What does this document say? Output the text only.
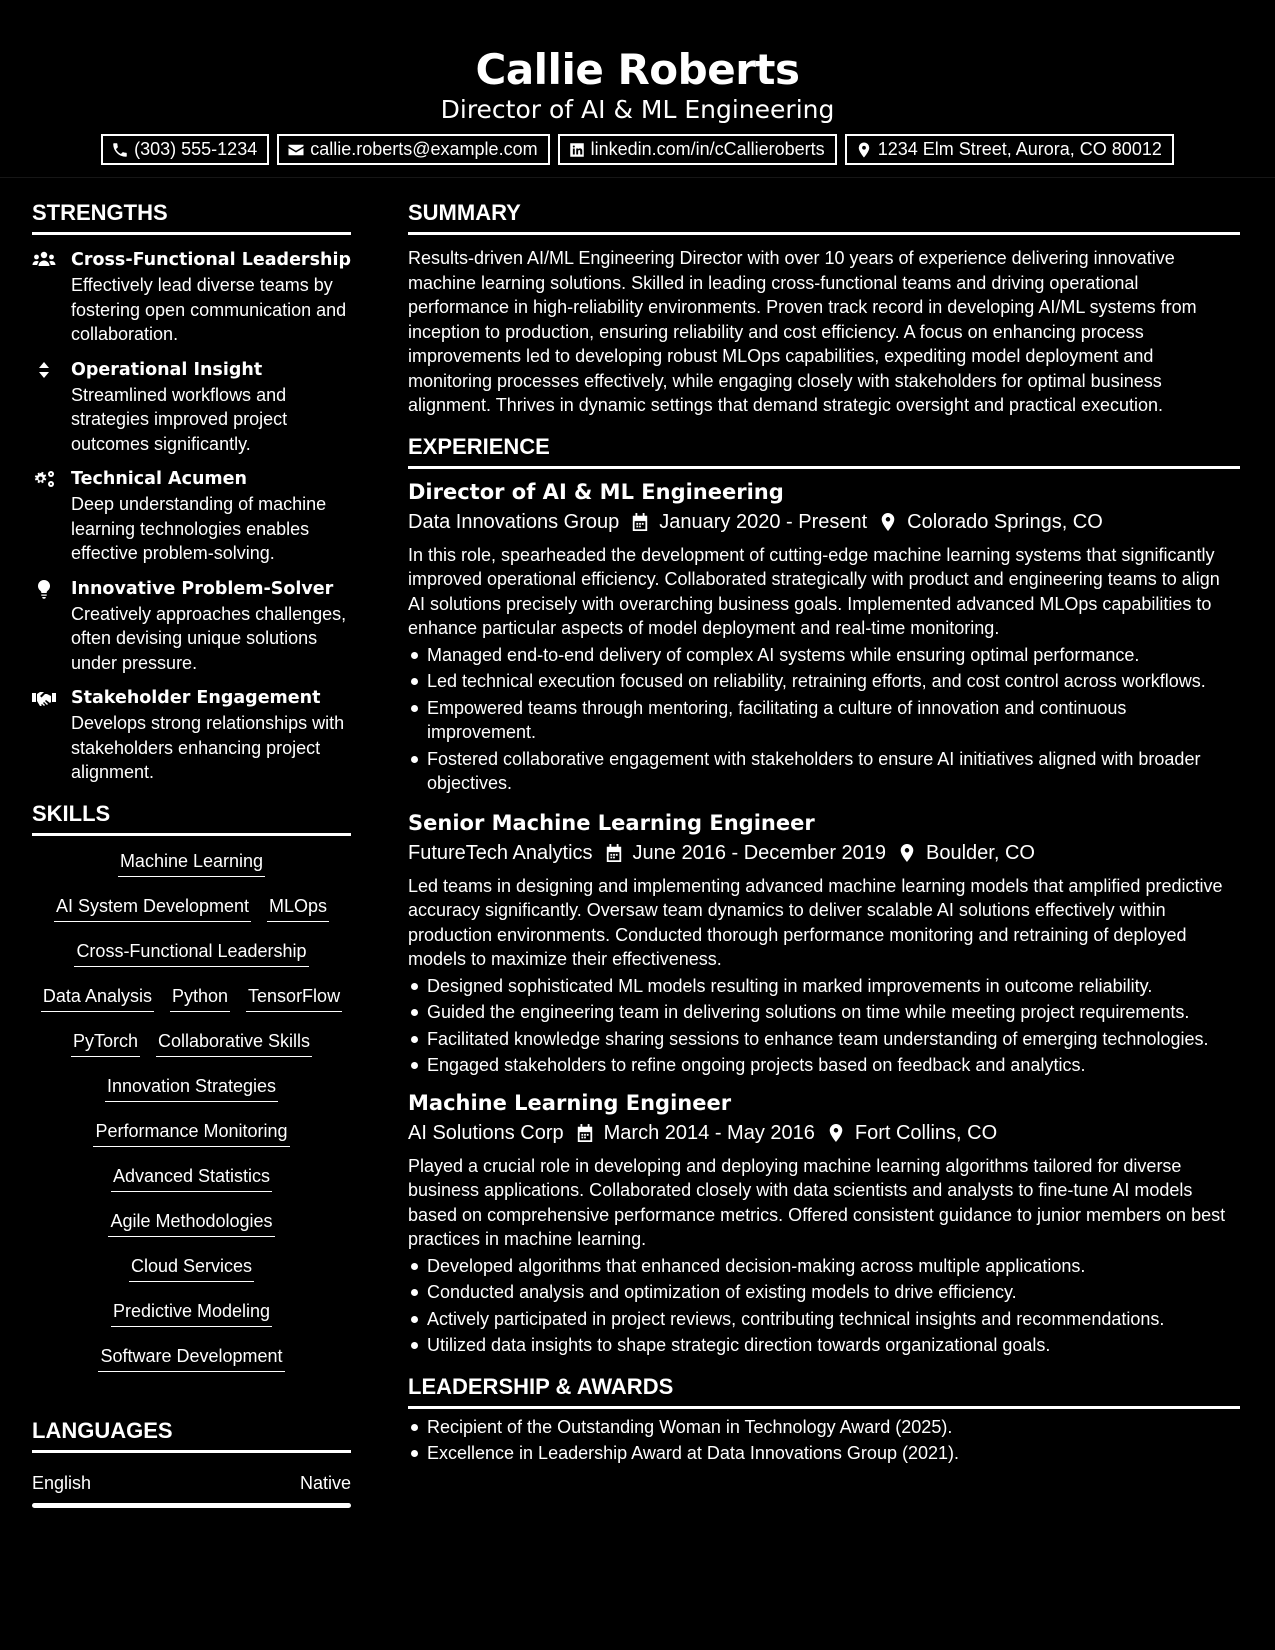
Callie Roberts
Director of AI & ML Engineering
(303) 555-1234	callie.roberts@example.com	linkedin.com/in/cCallieroberts	1234 Elm Street, Aurora, CO 80012
STRENGTHS
Cross-Functional Leadership
Effectively lead diverse teams by fostering open communication and collaboration.
Operational Insight
Streamlined workflows and strategies improved project outcomes significantly.
Technical Acumen
Deep understanding of machine learning technologies enables effective problem-solving.
Innovative Problem-Solver
Creatively approaches challenges, often devising unique solutions under pressure.
Stakeholder Engagement
Develops strong relationships with stakeholders enhancing project alignment.
SKILLS
Machine Learning
AI System Development MLOps
Cross-Functional Leadership
Data Analysis Python TensorFlow
PyTorch Collaborative Skills
Innovation Strategies
Performance Monitoring
Advanced Statistics
Agile Methodologies
Cloud Services
Predictive Modeling
Software Development
LANGUAGES
English	Native
SUMMARY
Results-driven AI/ML Engineering Director with over 10 years of experience delivering innovative machine learning solutions. Skilled in leading cross-functional teams and driving operational performance in high-reliability environments. Proven track record in developing AI/ML systems from inception to production, ensuring reliability and cost efficiency. A focus on enhancing process improvements led to developing robust MLOps capabilities, expediting model deployment and monitoring processes effectively, while engaging closely with stakeholders for optimal business alignment. Thrives in dynamic settings that demand strategic oversight and practical execution.
EXPERIENCE
Director of AI & ML Engineering
Data Innovations Group January 2020 - Present Colorado Springs, CO
In this role, spearheaded the development of cutting-edge machine learning systems that significantly improved operational efficiency. Collaborated strategically with product and engineering teams to align AI solutions precisely with overarching business goals. Implemented advanced MLOps capabilities to enhance particular aspects of model deployment and real-time monitoring.
Managed end-to-end delivery of complex AI systems while ensuring optimal performance.
Led technical execution focused on reliability, retraining efforts, and cost control across workflows.
Empowered teams through mentoring, facilitating a culture of innovation and continuous improvement.
Fostered collaborative engagement with stakeholders to ensure AI initiatives aligned with broader objectives.
Senior Machine Learning Engineer
FutureTech Analytics June 2016 - December 2019 Boulder, CO
Led teams in designing and implementing advanced machine learning models that amplified predictive accuracy significantly. Oversaw team dynamics to deliver scalable AI solutions effectively within production environments. Conducted thorough performance monitoring and retraining of deployed models to maximize their effectiveness.
Designed sophisticated ML models resulting in marked improvements in outcome reliability.
Guided the engineering team in delivering solutions on time while meeting project requirements.
Facilitated knowledge sharing sessions to enhance team understanding of emerging technologies.
Engaged stakeholders to refine ongoing projects based on feedback and analytics.
Machine Learning Engineer
AI Solutions Corp March 2014 - May 2016 Fort Collins, CO
Played a crucial role in developing and deploying machine learning algorithms tailored for diverse business applications. Collaborated closely with data scientists and analysts to fine-tune AI models based on comprehensive performance metrics. Offered consistent guidance to junior members on best practices in machine learning.
Developed algorithms that enhanced decision-making across multiple applications.
Conducted analysis and optimization of existing models to drive efficiency.
Actively participated in project reviews, contributing technical insights and recommendations.
Utilized data insights to shape strategic direction towards organizational goals.
LEADERSHIP & AWARDS
Recipient of the Outstanding Woman in Technology Award (2025).
Excellence in Leadership Award at Data Innovations Group (2021).
